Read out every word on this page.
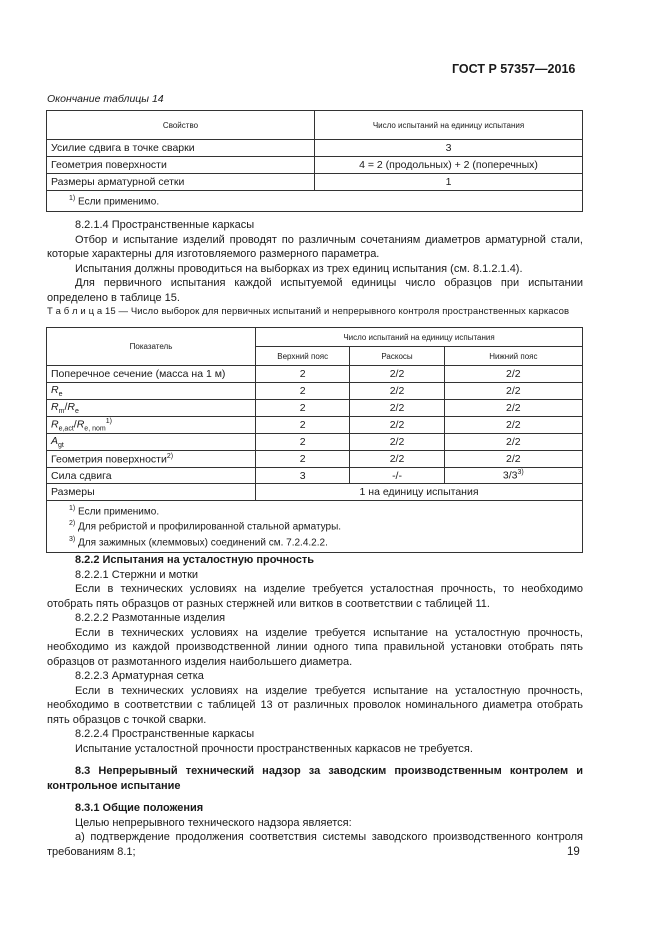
ГОСТ Р 57357—2016
Окончание таблицы 14
Свойство	Число испытаний на единицу испытания
Усилие сдвига в точке сварки	3
Геометрия поверхности	4 = 2 (продольных) + 2 (поперечных)
Размеры арматурной сетки	1
$^{1)}$ Если применимо.	

8.2.1.4 Пространственные каркасы

Отбор и испытание изделий проводят по различным сочетаниям диаметров арматурной стали, которые характерны для изготовляемого размерного параметра.

Испытания должны проводиться на выборках из трех единиц испытания (см. 8.1.2.1.4).

Для первичного испытания каждой испытуемой единицы число образцов при испытании определено в таблице 15.

Т а б л и ц а 15 — Число выборок для первичных испытаний и непрерывного контроля пространственных каркасов
Показатель	Число испытаний на единицу испытания		
	Верхний пояс	Раскосы	Нижний пояс
Поперечное сечение (масса на 1 м)	2	2/2	2/2
$R_e$	2	2/2	2/2
$R_m/R_e$	2	2/2	2/2
$R_{e,act}/R_{e, nom}^{1)}$	2	2/2	2/2
$A_{gt}$	2	2/2	2/2
Геометрия поверхности$^{2)}$	2	2/2	2/2
Сила сдвига	3	-/-	3/3$^{3)}$
Размеры	1 на единицу испытания		

$^{1)}$ Если применимо.
$^{2)}$ Для ребристой и профилированной стальной арматуры.
$^{3)}$ Для зажимных (клеммовых) соединений см. 7.2.4.2.2.			

8.2.2 Испытания на усталостную прочность

8.2.2.1 Стержни и мотки

Если в технических условиях на изделие требуется усталостная прочность, то необходимо отобрать пять образцов от разных стержней или витков в соответствии с таблицей 11.

8.2.2.2 Размотанные изделия

Если в технических условиях на изделие требуется испытание на усталостную прочность, необходимо из каждой производственной линии одного типа правильной установки отобрать пять образцов от размотанного изделия наибольшего диаметра.

8.2.2.3 Арматурная сетка

Если в технических условиях на изделие требуется испытание на усталостную прочность, необходимо в соответствии с таблицей 13 от различных проволок номинального диаметра отобрать пять образцов с точкой сварки.

8.2.2.4 Пространственные каркасы

Испытание усталостной прочности пространственных каркасов не требуется.

8.3 Непрерывный технический надзор за заводским производственным контролем и контрольное испытание

8.3.1 Общие положения

Целью непрерывного технического надзора является:

а) подтверждение продолжения соответствия системы заводского производственного контроля требованиям 8.1;	19
